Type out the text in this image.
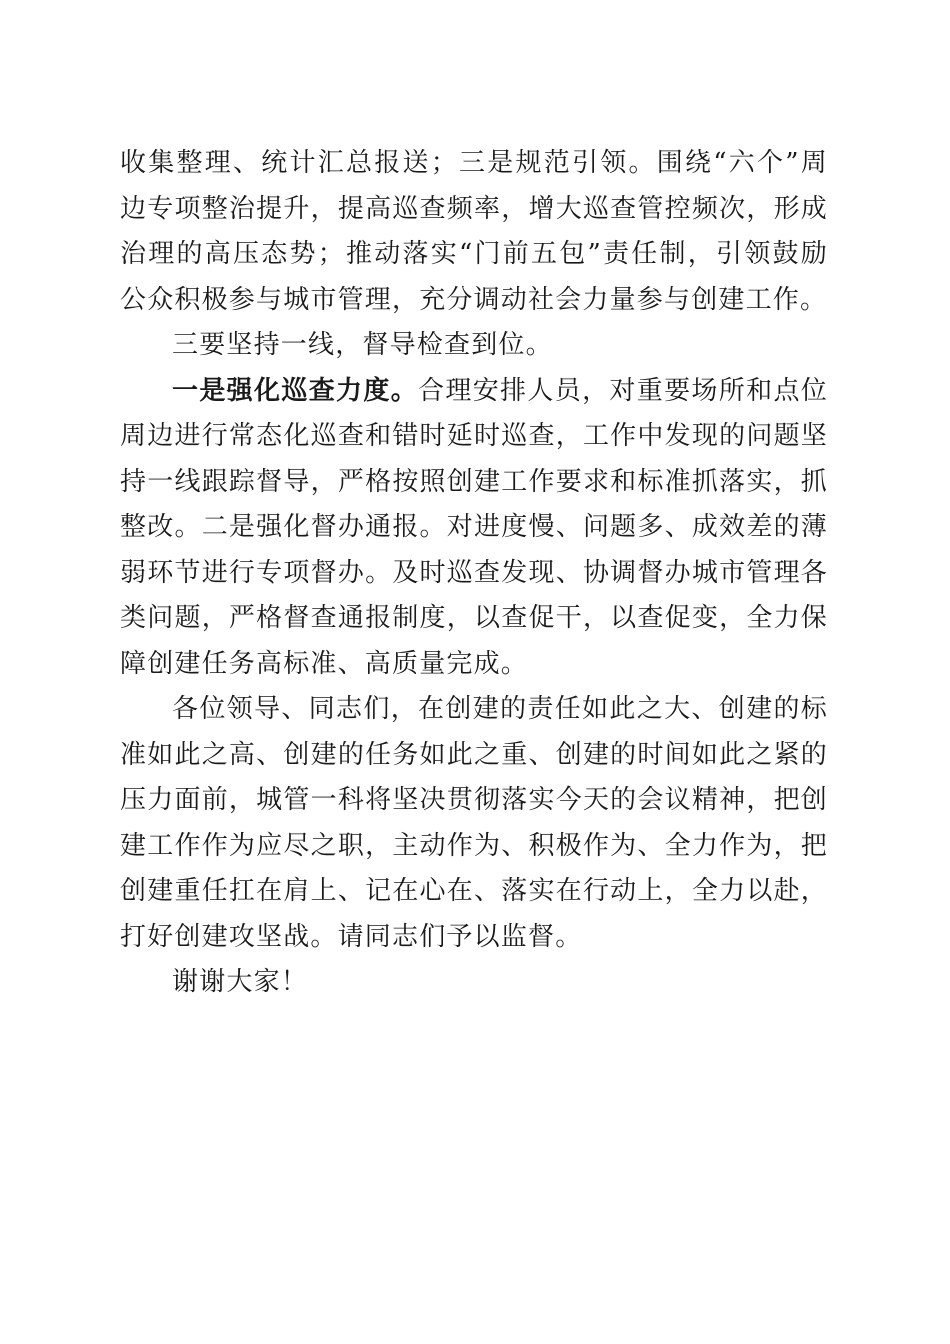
收集整理、统计汇总报送；三是规范引领。围绕“六个”周边专项整治提升，提高巡查频率，增大巡查管控频次，形成治理的高压态势；推动落实“门前五包”责任制，引领鼓励公众积极参与城市管理，充分调动社会力量参与创建工作。

三要坚持一线，督导检查到位。

一是强化巡查力度。合理安排人员，对重要场所和点位周边进行常态化巡查和错时延时巡查，工作中发现的问题坚持一线跟踪督导，严格按照创建工作要求和标准抓落实，抓整改。二是强化督办通报。对进度慢、问题多、成效差的薄弱环节进行专项督办。及时巡查发现、协调督办城市管理各类问题，严格督查通报制度，以查促干，以查促变，全力保障创建任务高标准、高质量完成。

各位领导、同志们，在创建的责任如此之大、创建的标准如此之高、创建的任务如此之重、创建的时间如此之紧的压力面前，城管一科将坚决贯彻落实今天的会议精神，把创建工作作为应尽之职，主动作为、积极作为、全力作为，把创建重任扛在肩上、记在心在、落实在行动上，全力以赴，打好创建攻坚战。请同志们予以监督。

谢谢大家！
